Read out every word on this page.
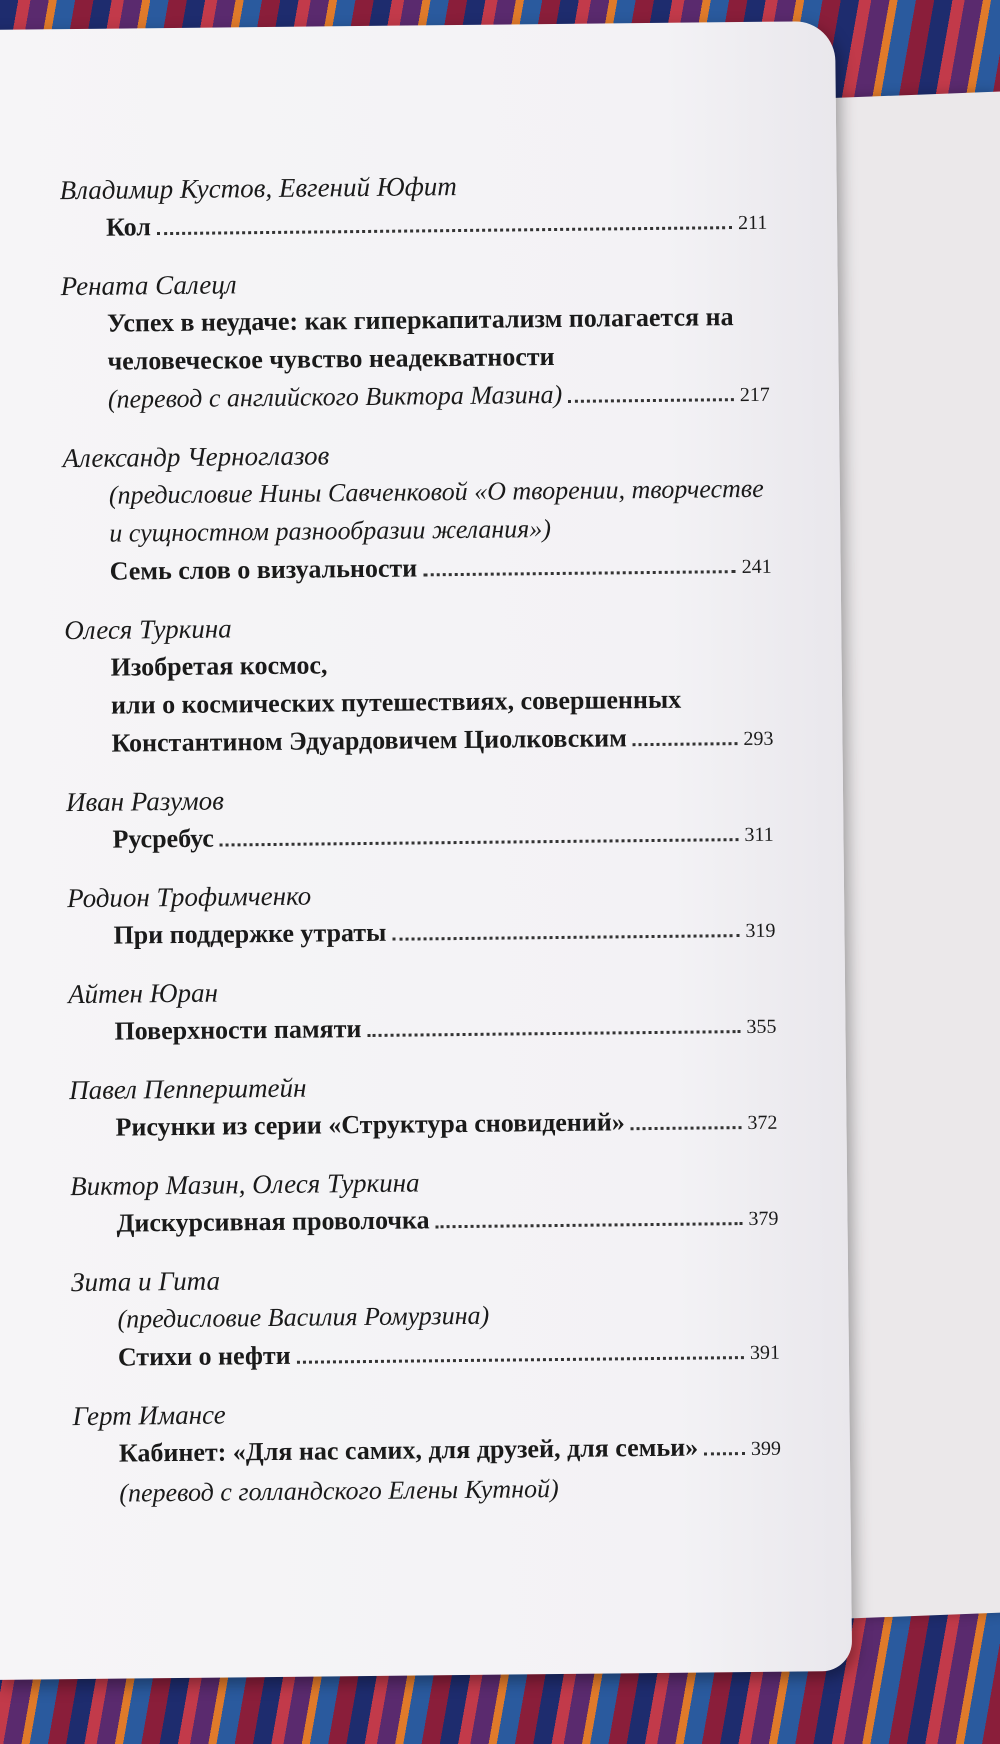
Владимир Кустов, Евгений Юфит
Кол	211
Рената Салецл
Успех в неудаче: как гиперкапитализм полагается на
человеческое чувство неадекватности
(перевод с английского Виктора Мазина)	217
Александр Черноглазов
(предисловие Нины Савченковой «О творении, творчестве
и сущностном разнообразии желания»)
Семь слов о визуальности	241
Олеся Туркина
Изобретая космос,
или о космических путешествиях, совершенных
Константином Эдуардовичем Циолковским	293
Иван Разумов
Русребус	311
Родион Трофимченко
При поддержке утраты	319
Айтен Юран
Поверхности памяти	355
Павел Пепперштейн
Рисунки из серии «Структура сновидений»	372
Виктор Мазин, Олеся Туркина
Дискурсивная проволочка	379
Зита и Гита
(предисловие Василия Ромурзина)
Стихи о нефти	391
Герт Имансе
Кабинет: «Для нас самих, для друзей, для семьи»	399
(перевод с голландского Елены Кутной)
